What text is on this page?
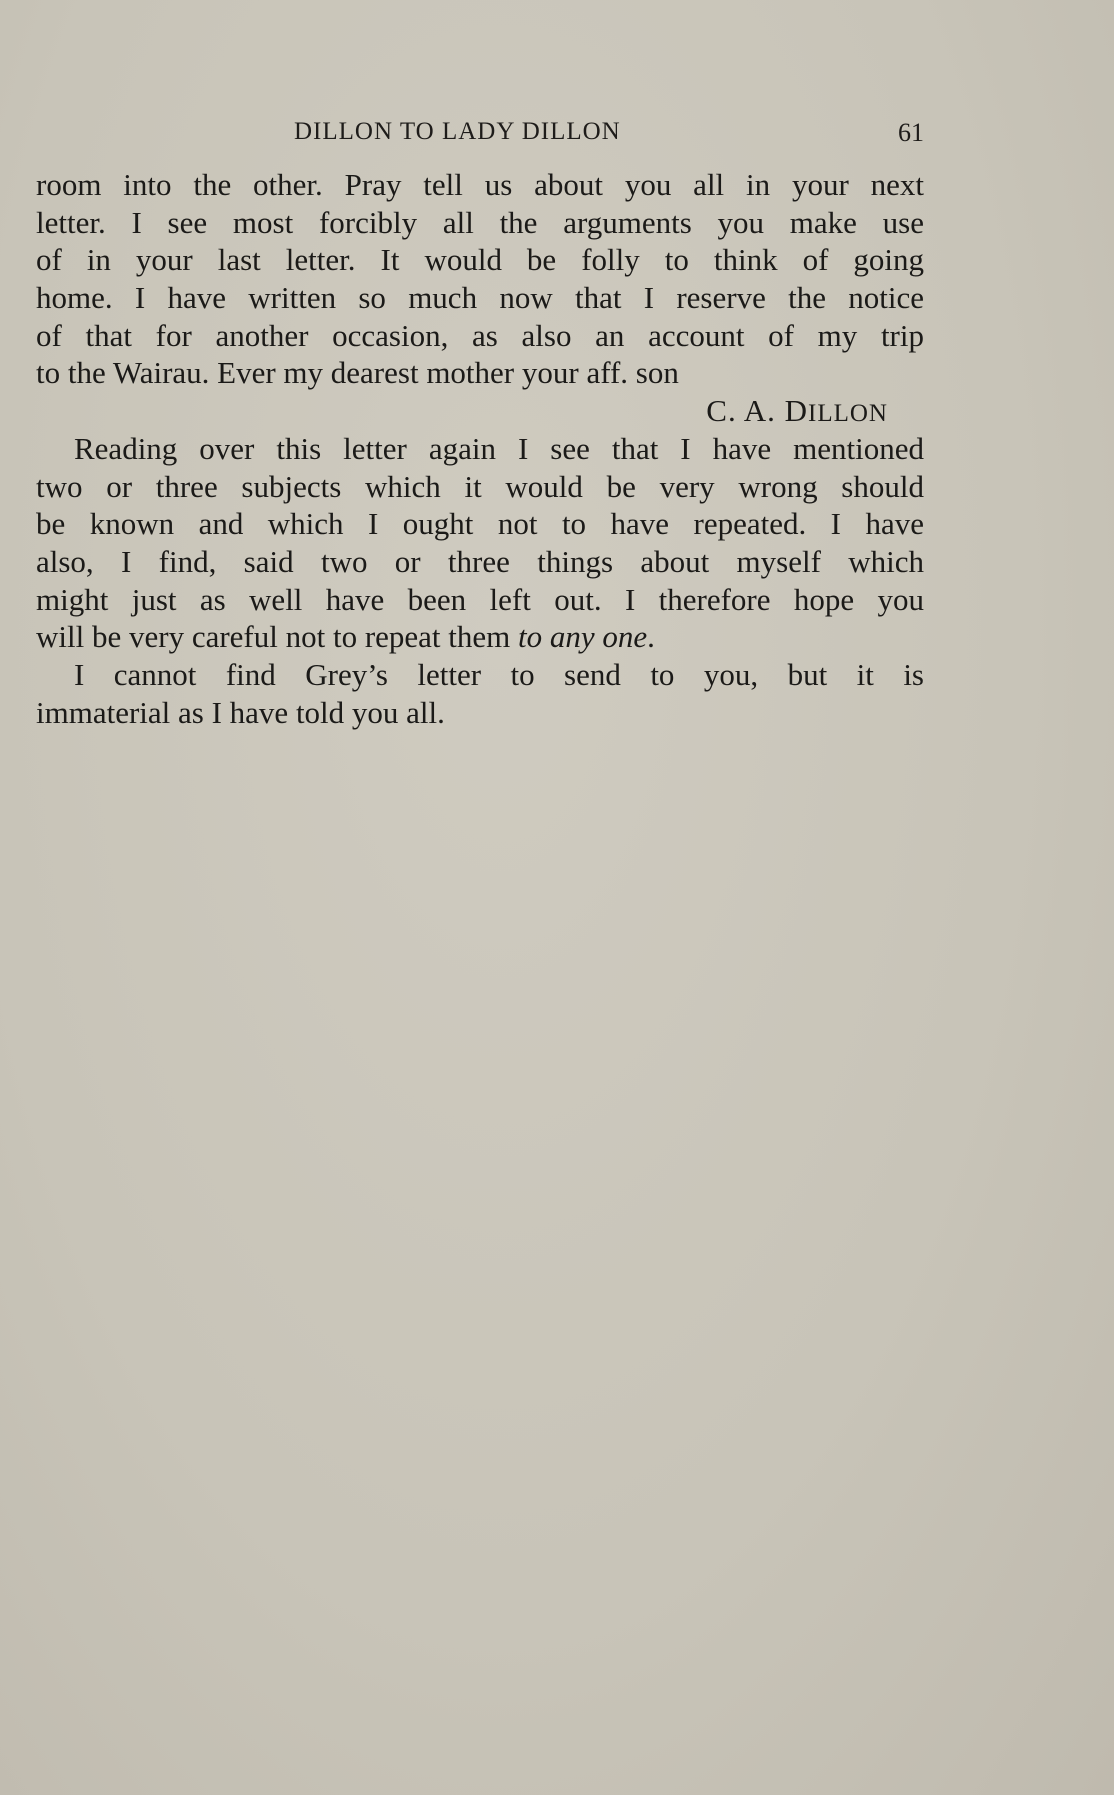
DILLON TO LADY DILLON	61
room into the other. Pray tell us about you all in your next
letter. I see most forcibly all the arguments you make use
of in your last letter. It would be folly to think of going
home. I have written so much now that I reserve the notice
of that for another occasion, as also an account of my trip
to the Wairau. Ever my dearest mother your aff. son
C. A. DILLON
Reading over this letter again I see that I have mentioned
two or three subjects which it would be very wrong should
be known and which I ought not to have repeated. I have
also, I find, said two or three things about myself which
might just as well have been left out. I therefore hope you
will be very careful not to repeat them to any one.
I cannot find Grey’s letter to send to you, but it is
immaterial as I have told you all.
